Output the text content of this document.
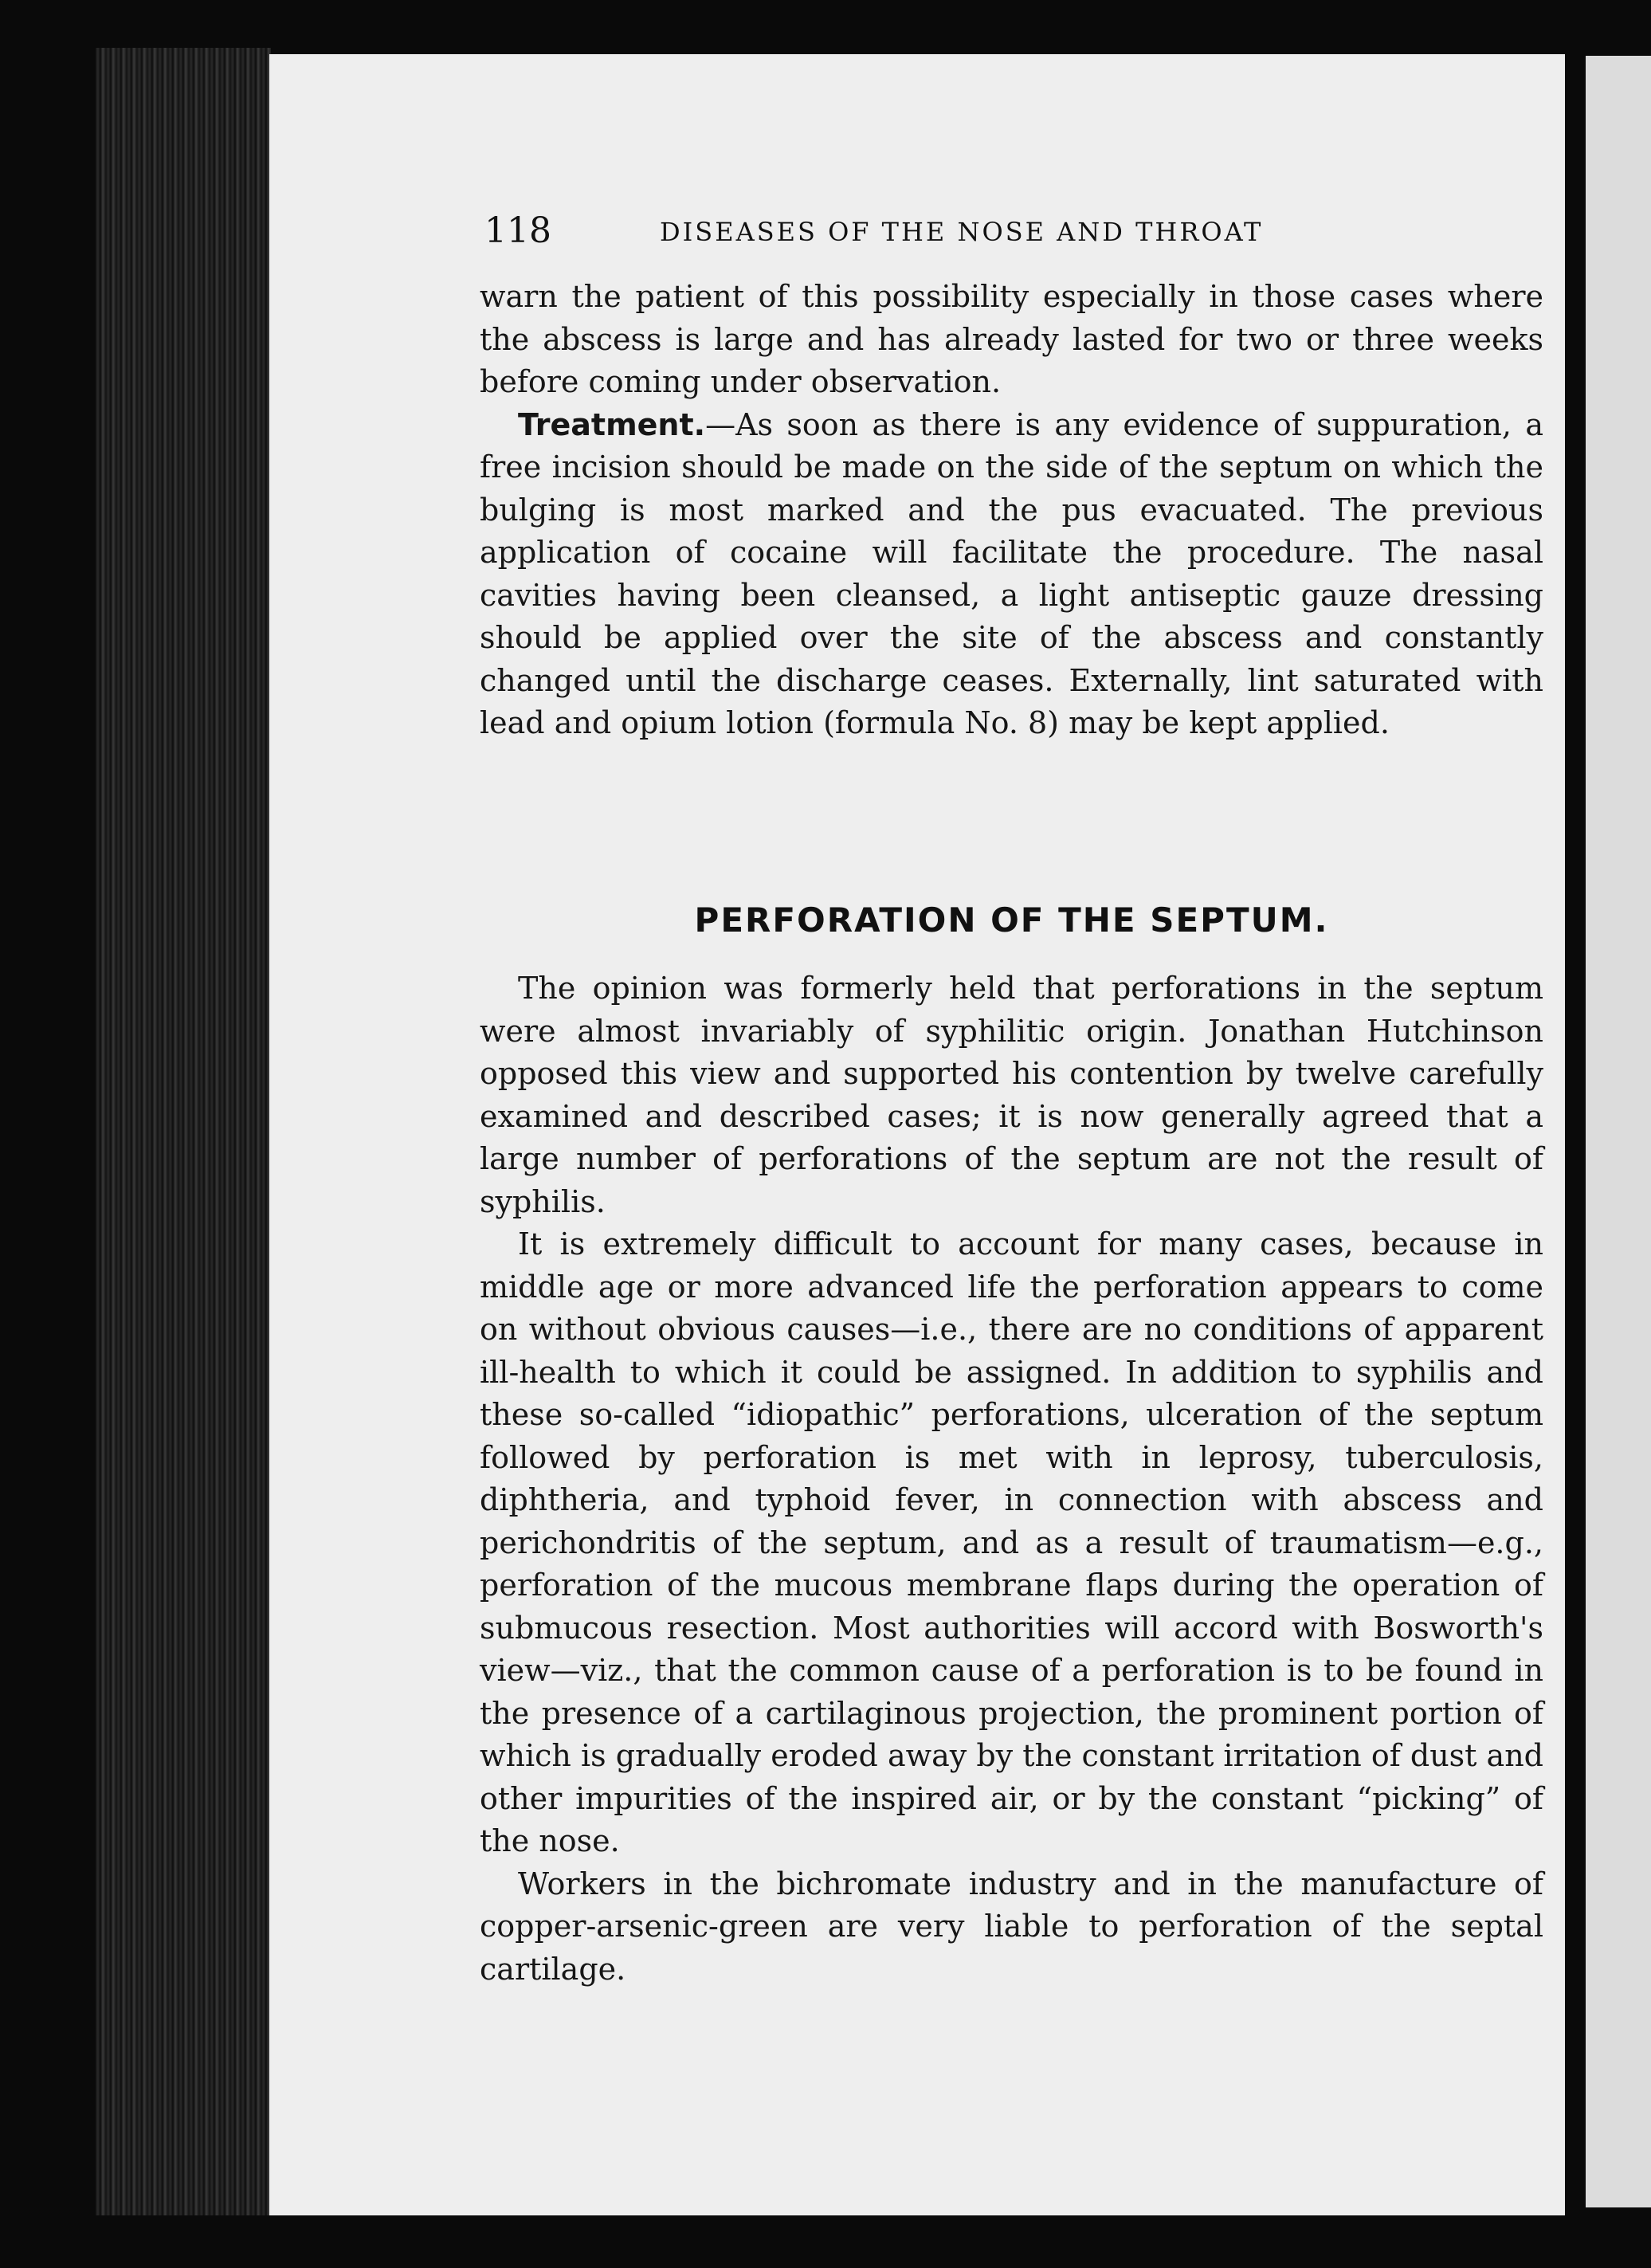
118	DISEASES OF THE NOSE AND THROAT

warn the patient of this possibility especially in those cases where the abscess is large and has already lasted for two or three weeks before coming under observation.

Treatment.—As soon as there is any evidence of suppuration, a free incision should be made on the side of the septum on which the bulging is most marked and the pus evacuated. The previous application of cocaine will facilitate the procedure. The nasal cavities having been cleansed, a light antiseptic gauze dressing should be applied over the site of the abscess and constantly changed until the discharge ceases. Externally, lint saturated with lead and opium lotion (formula No. 8) may be kept applied.

PERFORATION OF THE SEPTUM.

The opinion was formerly held that perforations in the septum were almost invariably of syphilitic origin. Jonathan Hutchinson opposed this view and supported his contention by twelve carefully examined and described cases; it is now generally agreed that a large number of perforations of the septum are not the result of syphilis.

It is extremely difficult to account for many cases, because in middle age or more advanced life the perforation appears to come on without obvious causes—i.e., there are no conditions of apparent ill-health to which it could be assigned. In addition to syphilis and these so-called “idiopathic” perforations, ulceration of the septum followed by perforation is met with in leprosy, tuberculosis, diphtheria, and typhoid fever, in connection with abscess and perichondritis of the septum, and as a result of traumatism—e.g., perforation of the mucous membrane flaps during the operation of submucous resection. Most authorities will accord with Bosworth's view—viz., that the common cause of a perforation is to be found in the presence of a cartilaginous projection, the prominent portion of which is gradually eroded away by the constant irritation of dust and other impurities of the inspired air, or by the constant “picking” of the nose.

Workers in the bichromate industry and in the manufacture of copper-arsenic-green are very liable to perforation of the septal cartilage.
